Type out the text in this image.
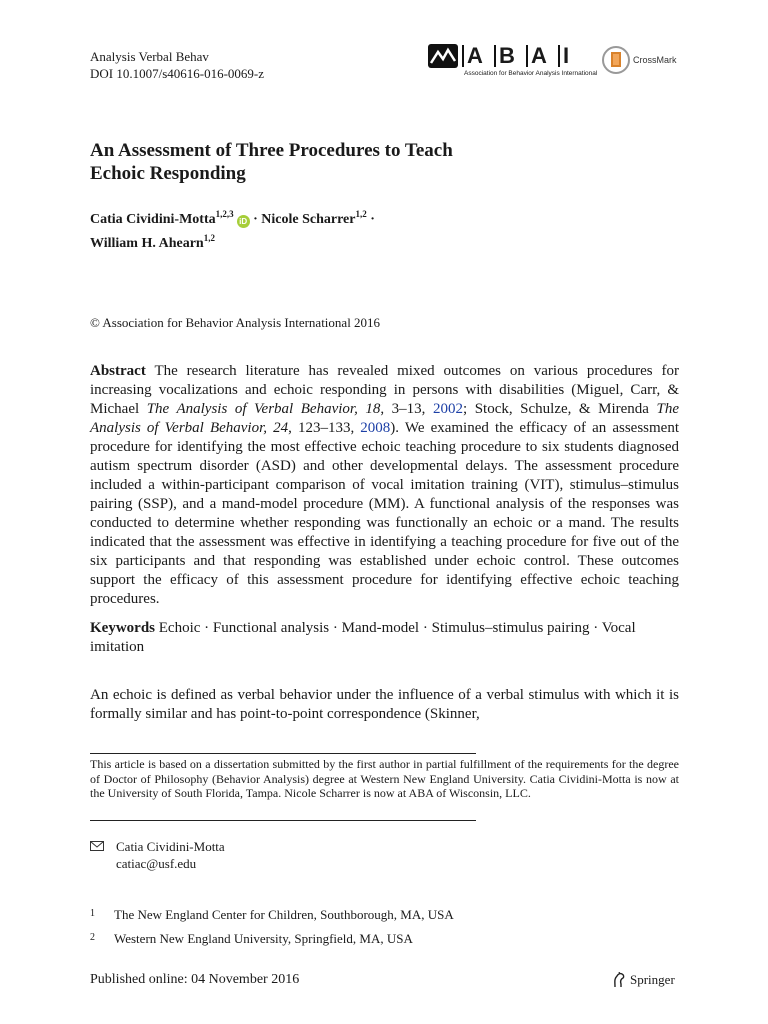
Analysis Verbal Behav
DOI 10.1007/s40616-016-0069-z
A B A I
Association for Behavior Analysis International
CrossMark
An Assessment of Three Procedures to Teach
Echoic Responding
Catia Cividini-Motta$^{1,2,3}$iD · Nicole Scharrer$^{1,2}$ ·
William H. Ahearn$^{1,2}$
© Association for Behavior Analysis International 2016
Abstract The research literature has revealed mixed outcomes on various procedures for increasing vocalizations and echoic responding in persons with disabilities (Miguel, Carr, & Michael The Analysis of Verbal Behavior, 18, 3–13, 2002; Stock, Schulze, & Mirenda The Analysis of Verbal Behavior, 24, 123–133, 2008). We examined the efficacy of an assessment procedure for identifying the most effective echoic teaching procedure to six students diagnosed autism spectrum disorder (ASD) and other developmental delays. The assessment procedure included a within-participant comparison of vocal imitation training (VIT), stimulus–stimulus pairing (SSP), and a mand-model procedure (MM). A functional analysis of the responses was conducted to determine whether responding was functionally an echoic or a mand. The results indicated that the assessment was effective in identifying a teaching procedure for five out of the six participants and that responding was established under echoic control. These outcomes support the efficacy of this assessment procedure for identifying effective echoic teaching procedures.
Keywords Echoic · Functional analysis · Mand-model · Stimulus–stimulus pairing · Vocal imitation
An echoic is defined as verbal behavior under the influence of a verbal stimulus with which it is formally similar and has point-to-point correspondence (Skinner,
This article is based on a dissertation submitted by the first author in partial fulfillment of the requirements for the degree of Doctor of Philosophy (Behavior Analysis) degree at Western New England University. Catia Cividini-Motta is now at the University of South Florida, Tampa. Nicole Scharrer is now at ABA of Wisconsin, LLC.
Catia Cividini-Motta
catiac@usf.edu
1 The New England Center for Children, Southborough, MA, USA
2 Western New England University, Springfield, MA, USA
Published online: 04 November 2016	Springer
